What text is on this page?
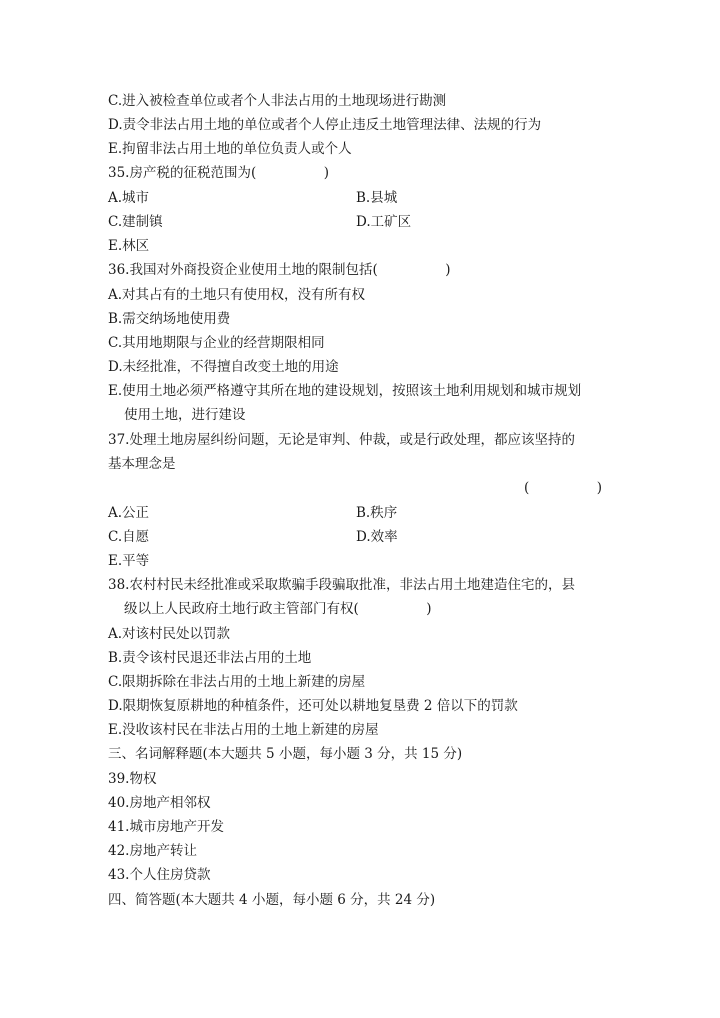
C.进入被检查单位或者个人非法占用的土地现场进行勘测
D.责令非法占用土地的单位或者个人停止违反土地管理法律、法规的行为
E.拘留非法占用土地的单位负责人或个人
35.房产税的征税范围为(　　　　　)
A.城市	B.县城
C.建制镇	D.工矿区
E.林区
36.我国对外商投资企业使用土地的限制包括(　　　　　)
A.对其占有的土地只有使用权，没有所有权
B.需交纳场地使用费
C.其用地期限与企业的经营期限相同
D.未经批准，不得擅自改变土地的用途
E.使用土地必须严格遵守其所在地的建设规划，按照该土地利用规划和城市规划
使用土地，进行建设
37.处理土地房屋纠纷问题，无论是审判、仲裁，或是行政处理，都应该坚持的
基本理念是
(　　　　　)
A.公正	B.秩序
C.自愿	D.效率
E.平等
38.农村村民未经批准或采取欺骗手段骗取批准，非法占用土地建造住宅的，县
级以上人民政府土地行政主管部门有权(　　　　　)
A.对该村民处以罚款
B.责令该村民退还非法占用的土地
C.限期拆除在非法占用的土地上新建的房屋
D.限期恢复原耕地的种植条件，还可处以耕地复垦费 2 倍以下的罚款
E.没收该村民在非法占用的土地上新建的房屋
三、名词解释题(本大题共 5 小题，每小题 3 分，共 15 分)
39.物权
40.房地产相邻权
41.城市房地产开发
42.房地产转让
43.个人住房贷款
四、简答题(本大题共 4 小题，每小题 6 分，共 24 分)
